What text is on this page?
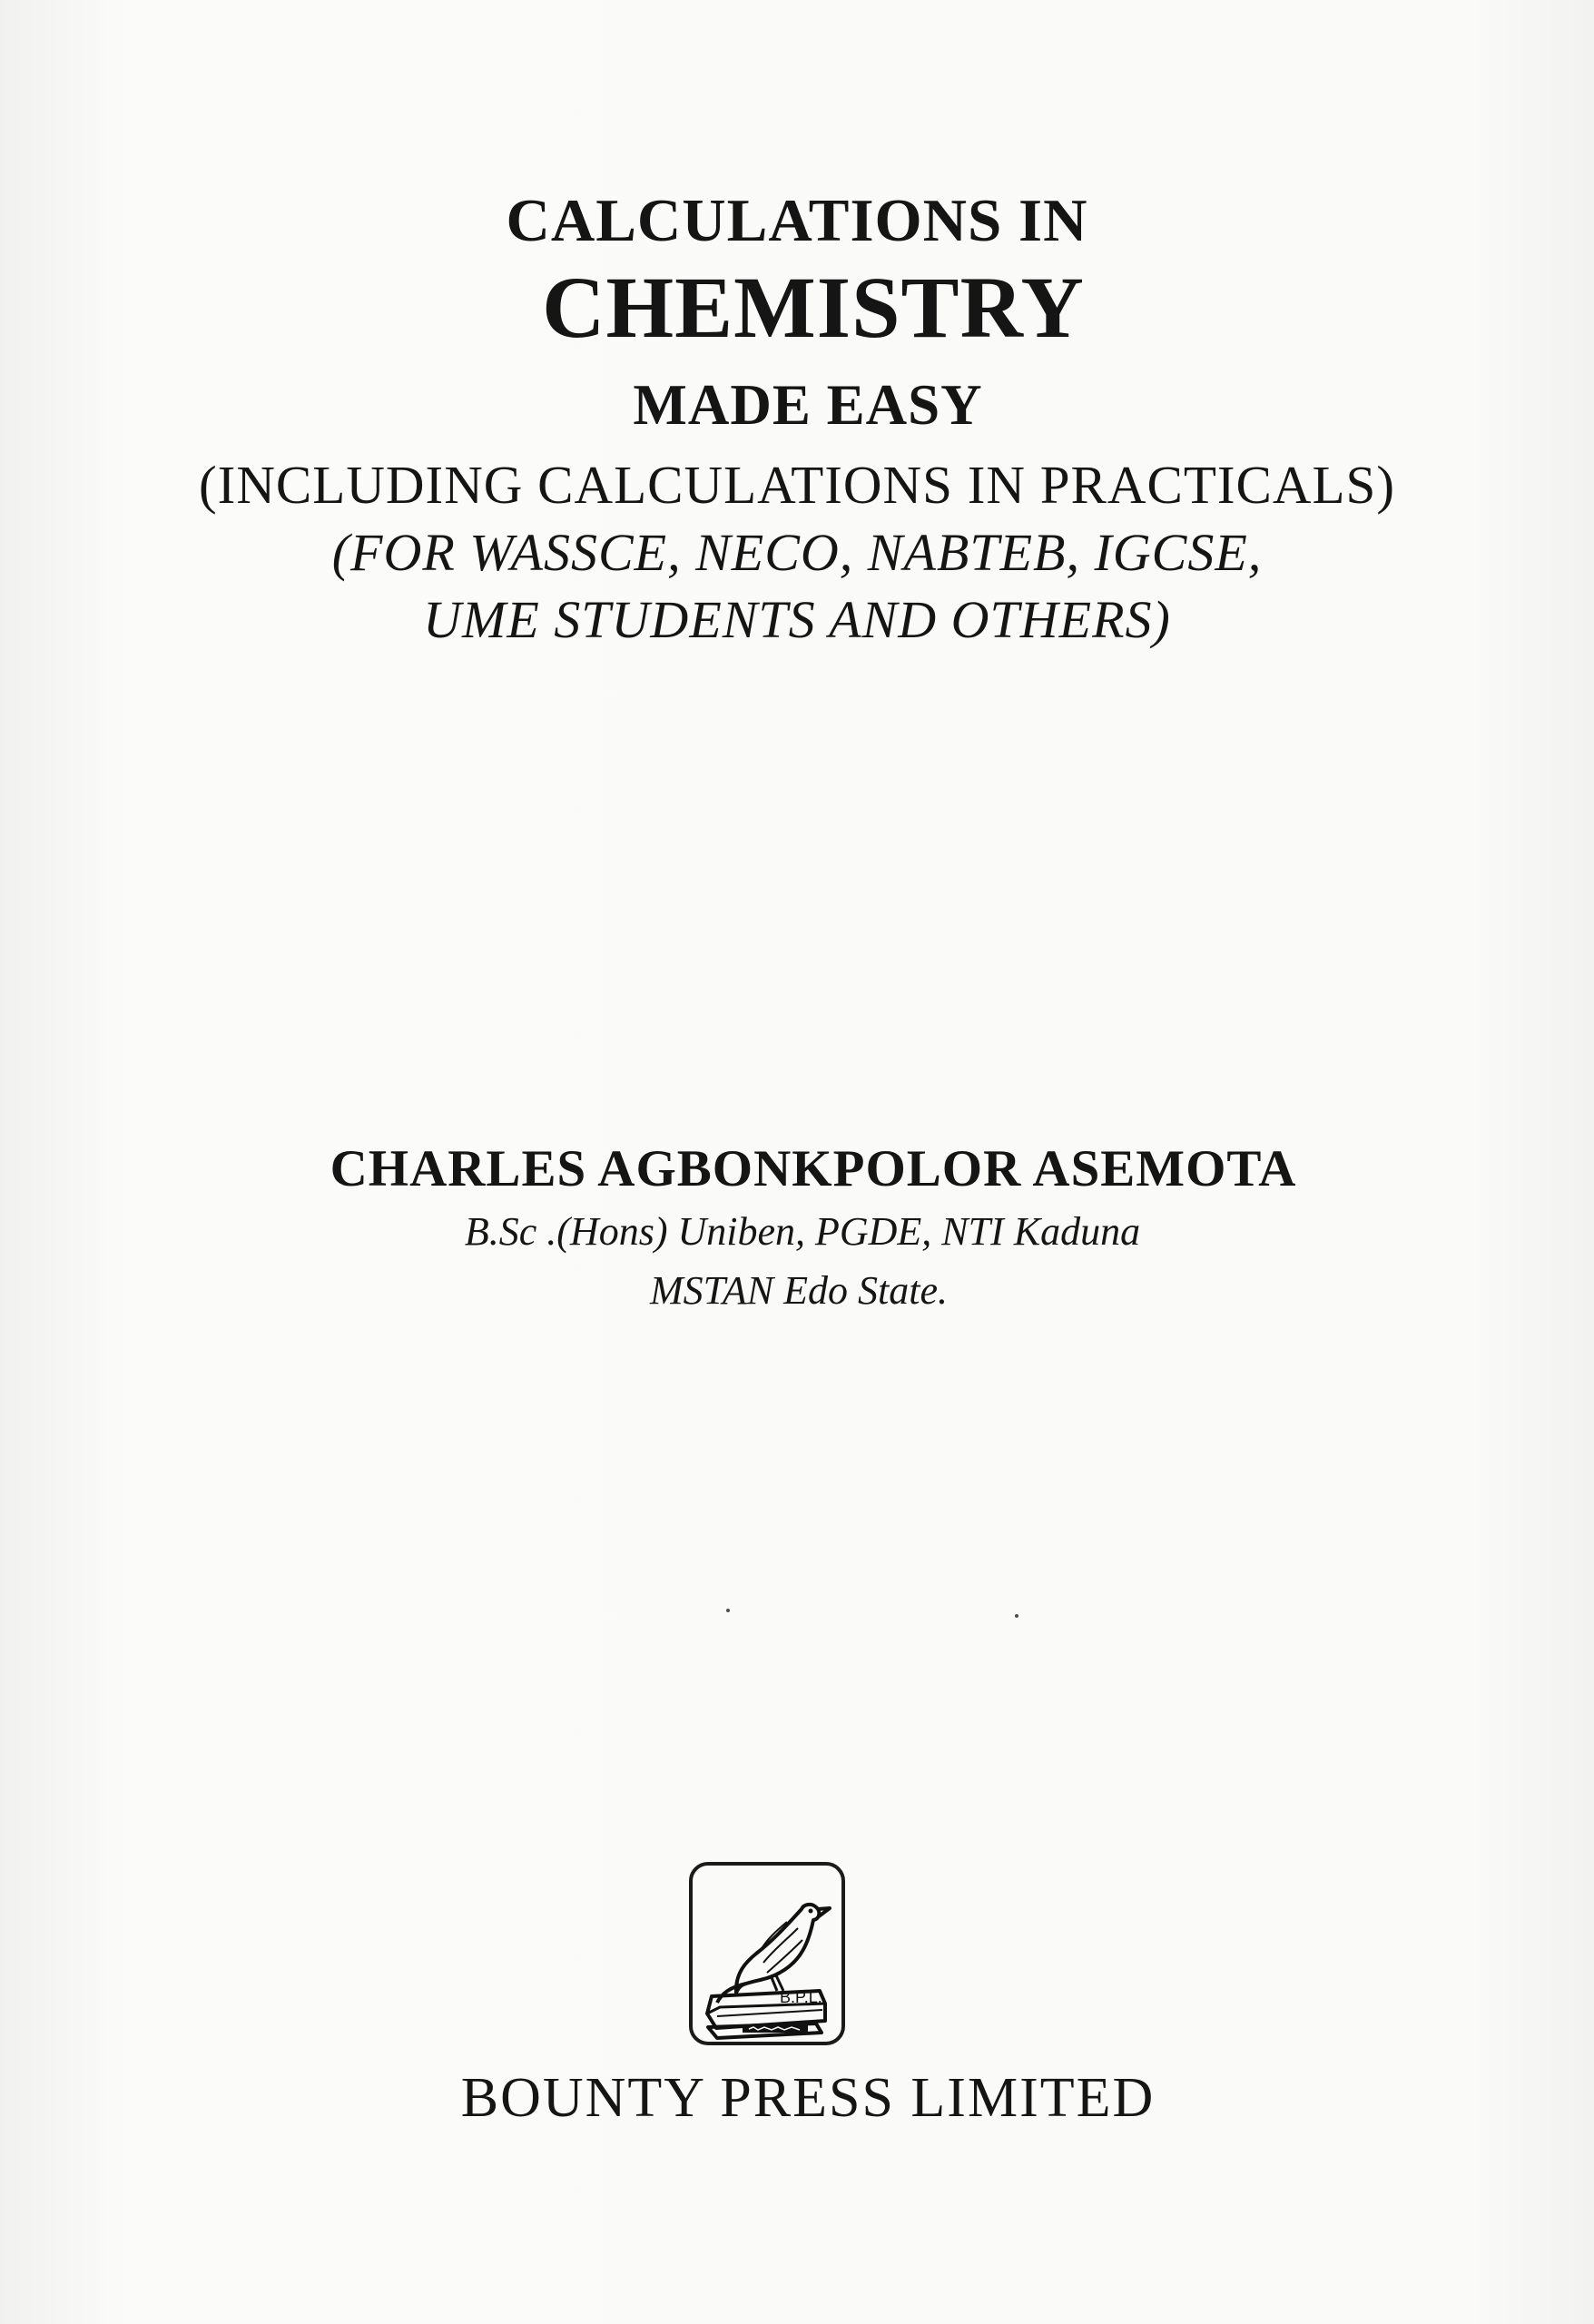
CALCULATIONS IN
CHEMISTRY
MADE EASY
(INCLUDING CALCULATIONS IN PRACTICALS)
(FOR WASSCE, NECO, NABTEB, IGCSE,
UME STUDENTS AND OTHERS)
CHARLES AGBONKPOLOR ASEMOTA
B.Sc .(Hons) Uniben, PGDE, NTI Kaduna
MSTAN Edo State.
B.P.L.
BOUNTY PRESS LIMITED
